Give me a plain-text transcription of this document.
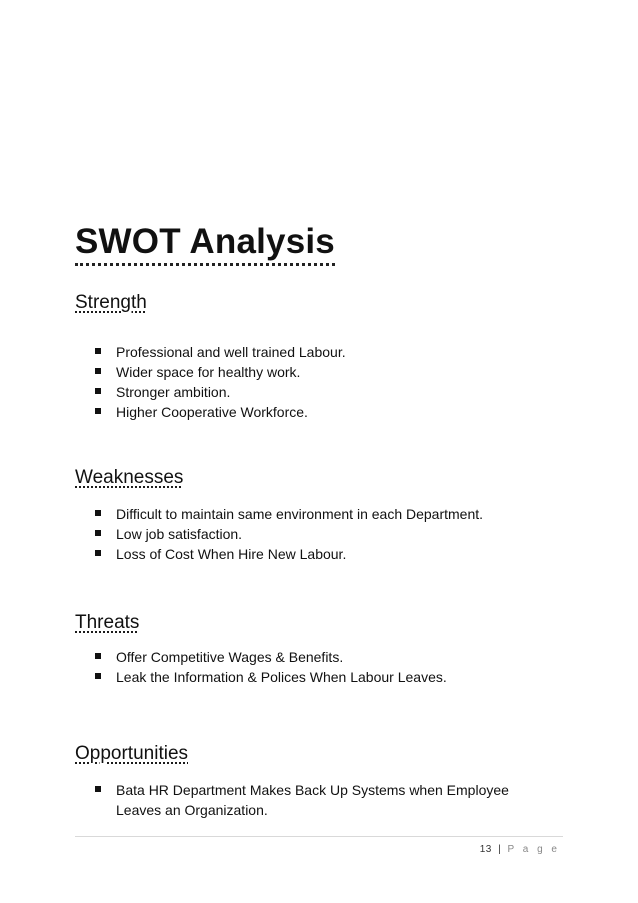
SWOT Analysis
Strength
Professional and well trained Labour.
Wider space for healthy work.
Stronger ambition.
Higher Cooperative Workforce.
Weaknesses
Difficult to maintain same environment in each Department.
Low job satisfaction.
Loss of Cost When Hire New Labour.
Threats
Offer Competitive Wages & Benefits.
Leak the Information & Polices When Labour Leaves.
Opportunities
Bata HR Department Makes Back Up Systems when Employee Leaves an Organization.
13 | P a g e
